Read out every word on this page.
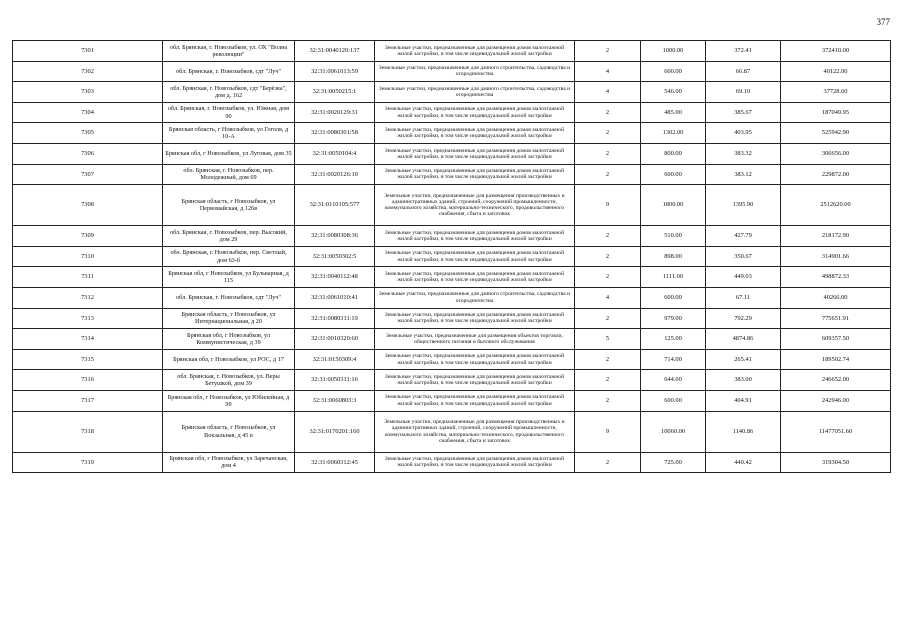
377
7301	обл. Брянская, г. Новозыбков, ул. ОХ "Волна революции"	32:31:0040120:137	Земельные участки, предназначенные для размещения домов малоэтажной жилой застройки, в том числе индивидуальной жилой застройки	2	1000.00	372.41	372410.00
7302	обл. Брянская, г. Новозыбков, сдт "Луч"	32:31:0061013:59	Земельные участки, предназначенные для дачного строительства, садоводства и огородничества	4	600.00	66.87	40122.00
7303	обл. Брянская, г. Новозыбков, сдт "Берёзка", дом д. 162	32:31:0050215:1	Земельные участки, предназначенные для дачного строительства, садоводства и огородничества	4	546.00	69.10	37728.60
7304	обл. Брянская, г. Новозыбков, ул. Южная, дом 90	32:31:0020129:31	Земельные участки, предназначенные для размещения домов малоэтажной жилой застройки, в том числе индивидуальной жилой застройки	2	485.00	385.67	187049.95
7305	Брянская область, г Новозыбков, ул Гоголя, д 10-А	32:31:0080301:58	Земельные участки, предназначенные для размещения домов малоэтажной жилой застройки, в том числе индивидуальной жилой застройки	2	1302.00	403.95	525942.90
7306	Брянская обл, г Новозыбков, ул Луговая, дом 35	32:31:0050104:4	Земельные участки, предназначенные для размещения домов малоэтажной жилой застройки, в том числе индивидуальной жилой застройки	2	800.00	383.32	306656.00
7307	обл. Брянская, г. Новозыбков, пер. Молодежный, дом 69	32:31:0020126:10	Земельные участки, предназначенные для размещения домов малоэтажной жилой застройки, в том числе индивидуальной жилой застройки	2	600.00	383.12	229872.00
7308	Брянская область, г Новозыбков, ул Первомайская, д 126в	32:31:0110105:577	Земельные участки, предназначенные для размещения производственных и административных зданий, строений, сооружений промышленности, коммунального хозяйства, материально-технического, продовольственного снабжения, сбыта и заготовок	9	1800.00	1395.90	2512620.00
7309	обл. Брянская, г. Новозыбков, пер. Высокий, дом 29	32:31:0080308:36	Земельные участки, предназначенные для размещения домов малоэтажной жилой застройки, в том числе индивидуальной жилой застройки	2	510.00	427.79	218172.90
7310	обл. Брянская, г. Новозыбков, пер. Светлый, дом 63-б	32:31:0050302:5	Земельные участки, предназначенные для размещения домов малоэтажной жилой застройки, в том числе индивидуальной жилой застройки	2	898.00	350.67	314901.66
7311	Брянская обл, г Новозыбков, ул Бульварная, д 115	32:31:0040112:48	Земельные участки, предназначенные для размещения домов малоэтажной жилой застройки, в том числе индивидуальной жилой застройки	2	1111.00	449.03	498872.33
7312	обл. Брянская, г. Новозыбков, сдт "Луч"	32:31:0061010:41	Земельные участки, предназначенные для дачного строительства, садоводства и огородничества	4	600.00	67.11	40266.00
7313	Брянская область, г Новозыбков, ул Интернациональная, д 20	32:31:0080311:19	Земельные участки, предназначенные для размещения домов малоэтажной жилой застройки, в том числе индивидуальной жилой застройки	2	979.00	792.29	775651.91
7314	Брянская обл, г Новозыбков, ул Коммунистическая, д 39	32:31:0010320:60	Земельные участки, предназначенные для размещения объектов торговли, общественного питания и бытового обслуживания	5	125.00	4874.86	609357.50
7315	Брянская обл, г Новозыбков, ул РОС, д 17	32:31:0150309:4	Земельные участки, предназначенные для размещения домов малоэтажной жилой застройки, в том числе индивидуальной жилой застройки	2	714.00	265.41	189502.74
7316	обл. Брянская, г. Новозыбков, ул. Веры Бетушкой, дом 39	32:31:0050311:16	Земельные участки, предназначенные для размещения домов малоэтажной жилой застройки, в том числе индивидуальной жилой застройки	2	644.00	383.00	246652.00
7317	Брянская обл, г Новозыбков, ул Юбилейная, д 99	32:31:0060803:3	Земельные участки, предназначенные для размещения домов малоэтажной жилой застройки, в том числе индивидуальной жилой застройки	2	600.00	404.91	242946.00
7318	Брянская область, г Новозыбков, ул Вокзальная, д 45 в	32:31:0170201:160	Земельные участки, предназначенные для размещения производственных и административных зданий, строений, сооружений промышленности, коммунального хозяйства, материально-технического, продовольственного снабжения, сбыта и заготовок	9	10060.00	1140.86	11477051.60
7319	Брянская обл, г Новозыбков, ул Заречанская, дом 4	32:31:0060312:45	Земельные участки, предназначенные для размещения домов малоэтажной жилой застройки, в том числе индивидуальной жилой застройки	2	725.00	440.42	319304.50
